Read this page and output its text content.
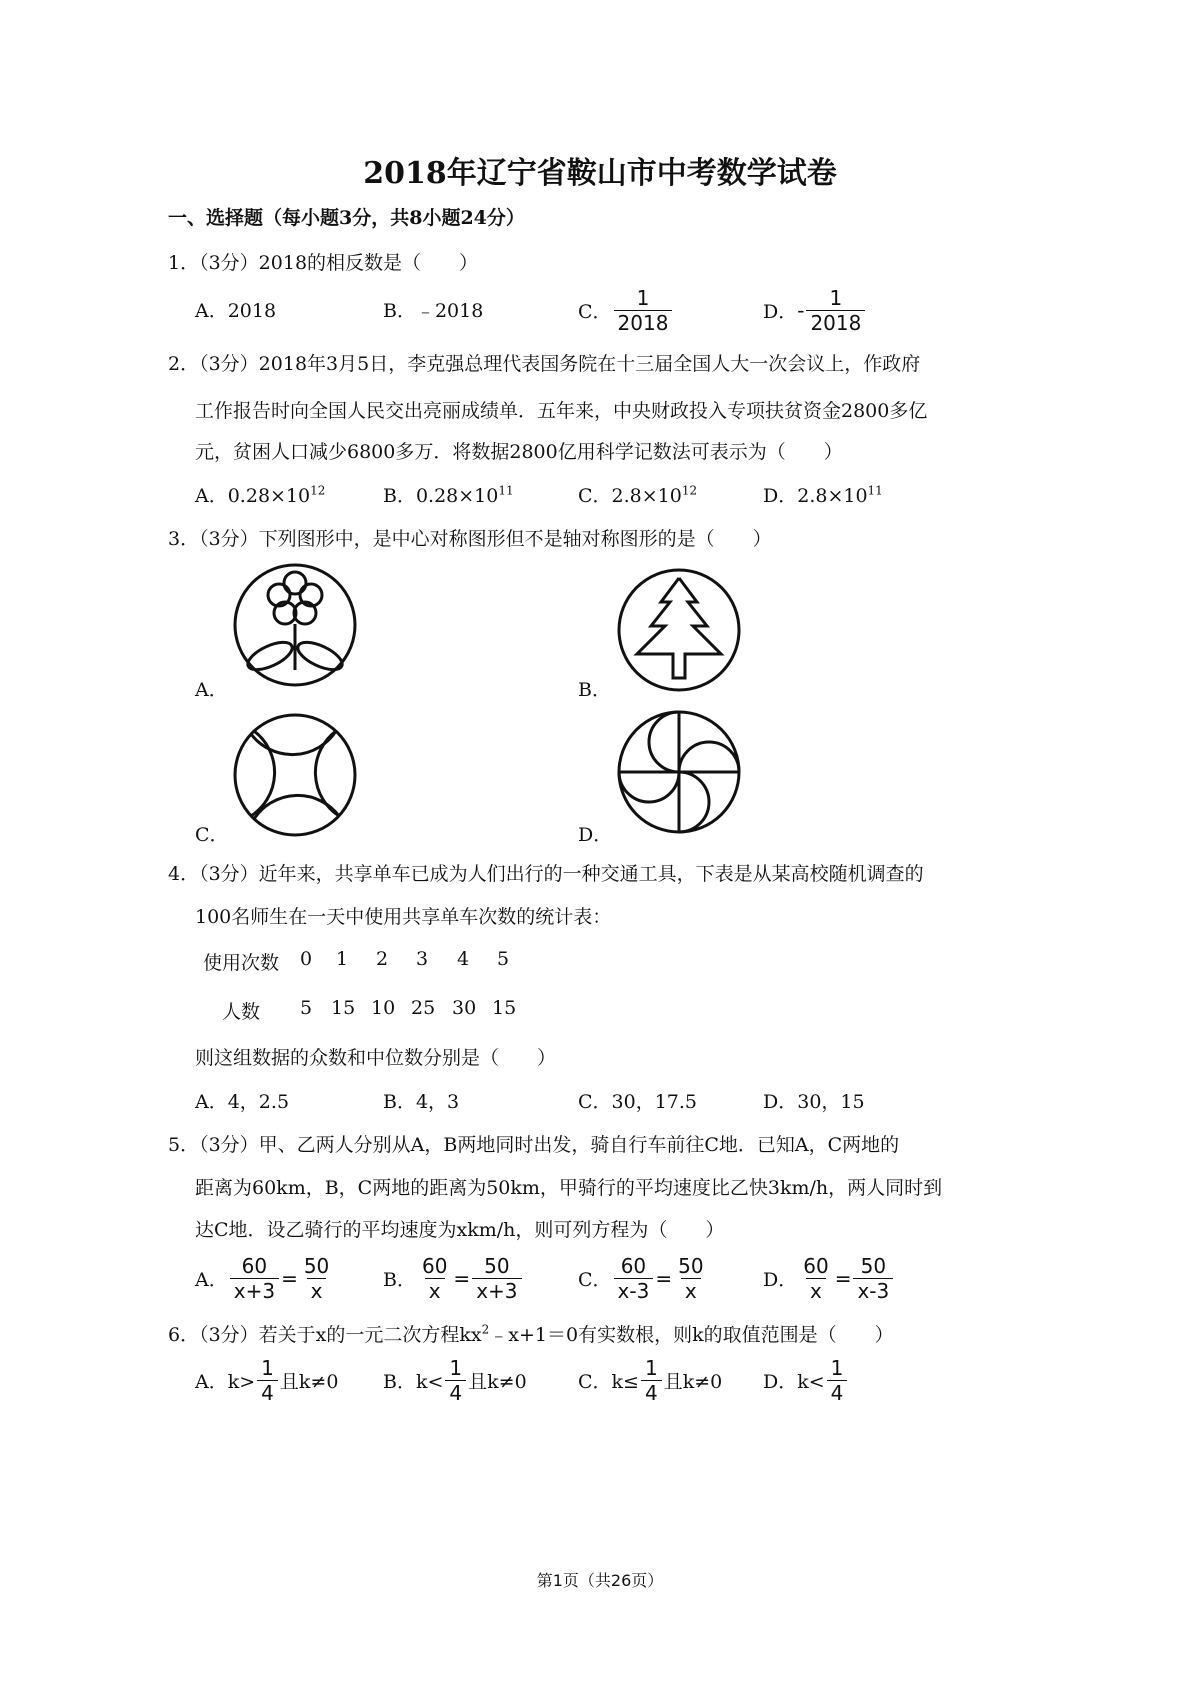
2018年辽宁省鞍山市中考数学试卷
一、选择题（每小题3分，共8小题24分）
1．（3分）2018的相反数是（　　）
A．2018	B．﹣2018	C． $\frac{1}{2018}$	D．- $\frac{1}{2018}$
2．（3分）2018年3月5日，李克强总理代表国务院在十三届全国人大一次会议上，作政府
工作报告时向全国人民交出亮丽成绩单．五年来，中央财政投入专项扶贫资金2800多亿
元，贫困人口减少6800多万．将数据2800亿用科学记数法可表示为（　　）
A．$0.28\times 10^{12}$	B．$0.28\times 10^{11}$	C．$2.8\times 10^{12}$	D．$2.8\times 10^{11}$
3．（3分）下列图形中，是中心对称图形但不是轴对称图形的是（　　）
A．	B．
C．	D．
4．（3分）近年来，共享单车已成为人们出行的一种交通工具，下表是从某高校随机调查的
100名师生在一天中使用共享单车次数的统计表：
使用次数 0 1 2 3 4 5
人数 5 15 10 25 30 15
则这组数据的众数和中位数分别是（　　）
A．4，2.5	B．4，3	C．30，17.5	D．30，15
5．（3分）甲、乙两人分别从A，B两地同时出发，骑自行车前往C地．已知A，C两地的
距离为60km，B，C两地的距离为50km，甲骑行的平均速度比乙快3km/h，两人同时到
达C地．设乙骑行的平均速度为xkm/h，则可列方程为（　　）
A． $\frac{60}{x+3} = \frac{50}{x}$	B． $\frac{60}{x} = \frac{50}{x+3}$	C． $\frac{60}{x-3} = \frac{50}{x}$	D． $\frac{60}{x} = \frac{50}{x-3}$
6．（3分）若关于x的一元二次方程$kx^2﹣x+1=0$有实数根，则k的取值范围是（　　）
A．$k> \frac{1}{4}$ 且k≠0 B．$k< \frac{1}{4}$ 且k≠0	C．$k\le \frac{1}{4}$ 且k≠0 D．$k< \frac{1}{4}$
第1页（共26页）
